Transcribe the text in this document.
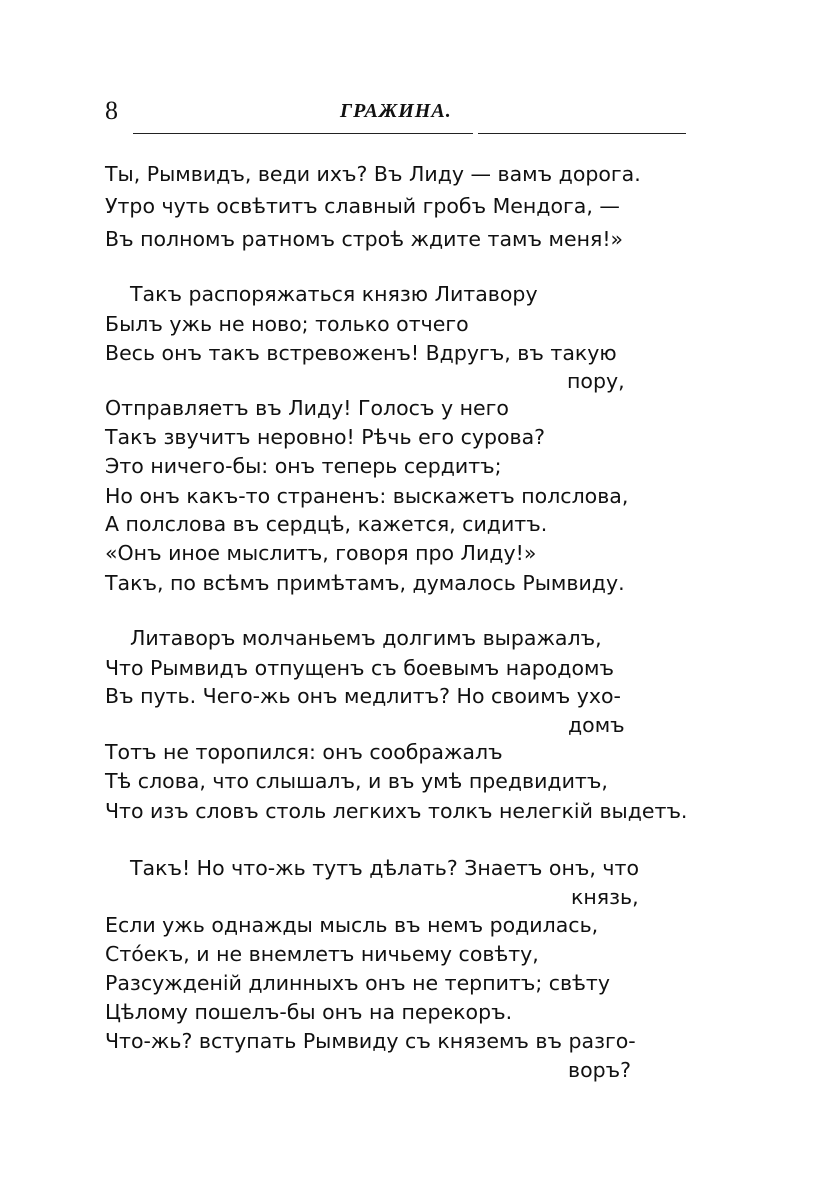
8	ГРАЖИНА.
Ты, Рымвидъ, веди ихъ? Въ Лиду — вамъ дорога.
Утро чуть освѣтитъ славный гробъ Мендога, —
Въ полномъ ратномъ строѣ ждите тамъ меня!»
Такъ распоряжаться князю Литавору
Былъ ужь не ново; только отчего
Весь онъ такъ встревоженъ! Вдругъ, въ такую
пору,
Отправляетъ въ Лиду! Голосъ у него
Такъ звучитъ неровно! Рѣчь его сурова?
Это ничего-бы: онъ теперь сердитъ;
Но онъ какъ-то страненъ: выскажетъ полслова,
А полслова въ сердцѣ, кажется, сидитъ.
«Онъ иное мыслитъ, говоря про Лиду!»
Такъ, по всѣмъ примѣтамъ, думалось Рымвиду.
Литаворъ молчаньемъ долгимъ выражалъ,
Что Рымвидъ отпущенъ съ боевымъ народомъ
Въ путь. Чего-жь онъ медлитъ? Но своимъ ухо-
домъ
Тотъ не торопился: онъ соображалъ
Тѣ слова, что слышалъ, и въ умѣ предвидитъ,
Что изъ словъ столь легкихъ толкъ нелегкій выдетъ.
Такъ! Но что-жь тутъ дѣлать? Знаетъ онъ, что
князь,
Если ужь однажды мысль въ немъ родилась,
Стóекъ, и не внемлетъ ничьему совѣту,
Разсужденій длинныхъ онъ не терпитъ; свѣту
Цѣлому пошелъ-бы онъ на перекоръ.
Что-жь? вступать Рымвиду съ княземъ въ разго-
воръ?
